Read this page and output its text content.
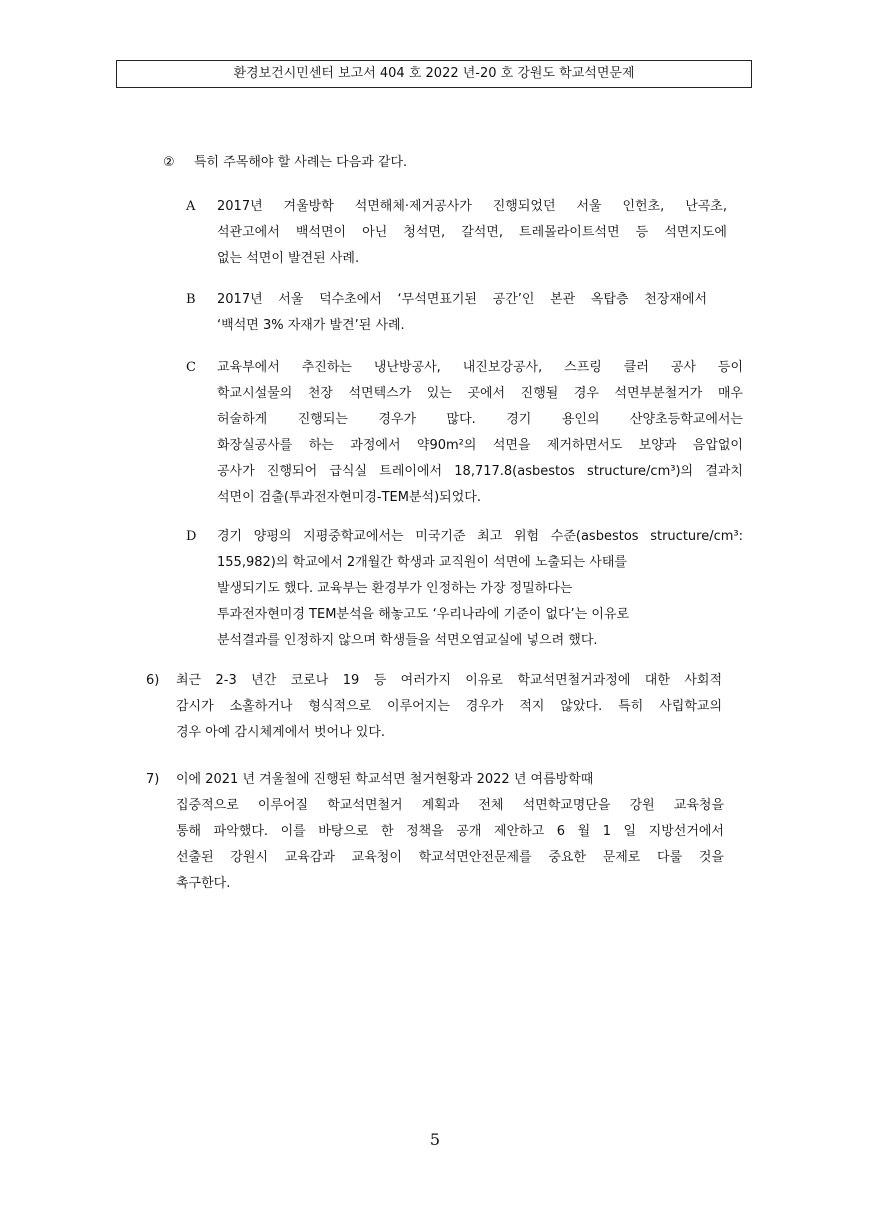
환경보건시민센터 보고서 404 호 2022 년-20 호 강원도 학교석면문제
② 특히 주목해야 할 사례는 다음과 같다.
A 2017년 겨울방학 석면해체·제거공사가 진행되었던 서울 인헌초, 난곡초,
석관고에서 백석면이 아닌 청석면, 갈석면, 트레몰라이트석면 등 석면지도에
없는 석면이 발견된 사례.
B 2017년 서울 덕수초에서 ‘무석면표기된 공간’인 본관 옥탑층 천장재에서
‘백석면 3% 자재가 발견’된 사례.
C 교육부에서 추진하는 냉난방공사, 내진보강공사, 스프링 클러 공사 등이
학교시설물의 천장 석면텍스가 있는 곳에서 진행될 경우 석면부분철거가 매우
허술하게 진행되는 경우가 많다. 경기 용인의 산양초등학교에서는
화장실공사를 하는 과정에서 약90m²의 석면을 제거하면서도 보양과 음압없이
공사가 진행되어 급식실 트레이에서 18,717.8(asbestos structure/cm³)의 결과치
석면이 검출(투과전자현미경-TEM분석)되었다.
D 경기 양평의 지평중학교에서는 미국기준 최고 위험 수준(asbestos structure/cm³:
155,982)의 학교에서 2개월간 학생과 교직원이 석면에 노출되는 사태를
발생되기도 했다. 교육부는 환경부가 인정하는 가장 정밀하다는
투과전자현미경 TEM분석을 해놓고도 ‘우리나라에 기준이 없다’는 이유로
분석결과를 인정하지 않으며 학생들을 석면오염교실에 넣으려 했다.
6) 최근 2-3 년간 코로나 19 등 여러가지 이유로 학교석면철거과정에 대한 사회적
감시가 소홀하거나 형식적으로 이루어지는 경우가 적지 않았다. 특히 사립학교의
경우 아예 감시체계에서 벗어나 있다.
7) 이에 2021 년 겨울철에 진행된 학교석면 철거현황과 2022 년 여름방학때
집중적으로 이루어질 학교석면철거 계획과 전체 석면학교명단을 강원 교육청을
통해 파악했다. 이를 바탕으로 한 정책을 공개 제안하고 6 월 1 일 지방선거에서
선출된 강원시 교육감과 교육청이 학교석면안전문제를 중요한 문제로 다룰 것을
촉구한다.
5
